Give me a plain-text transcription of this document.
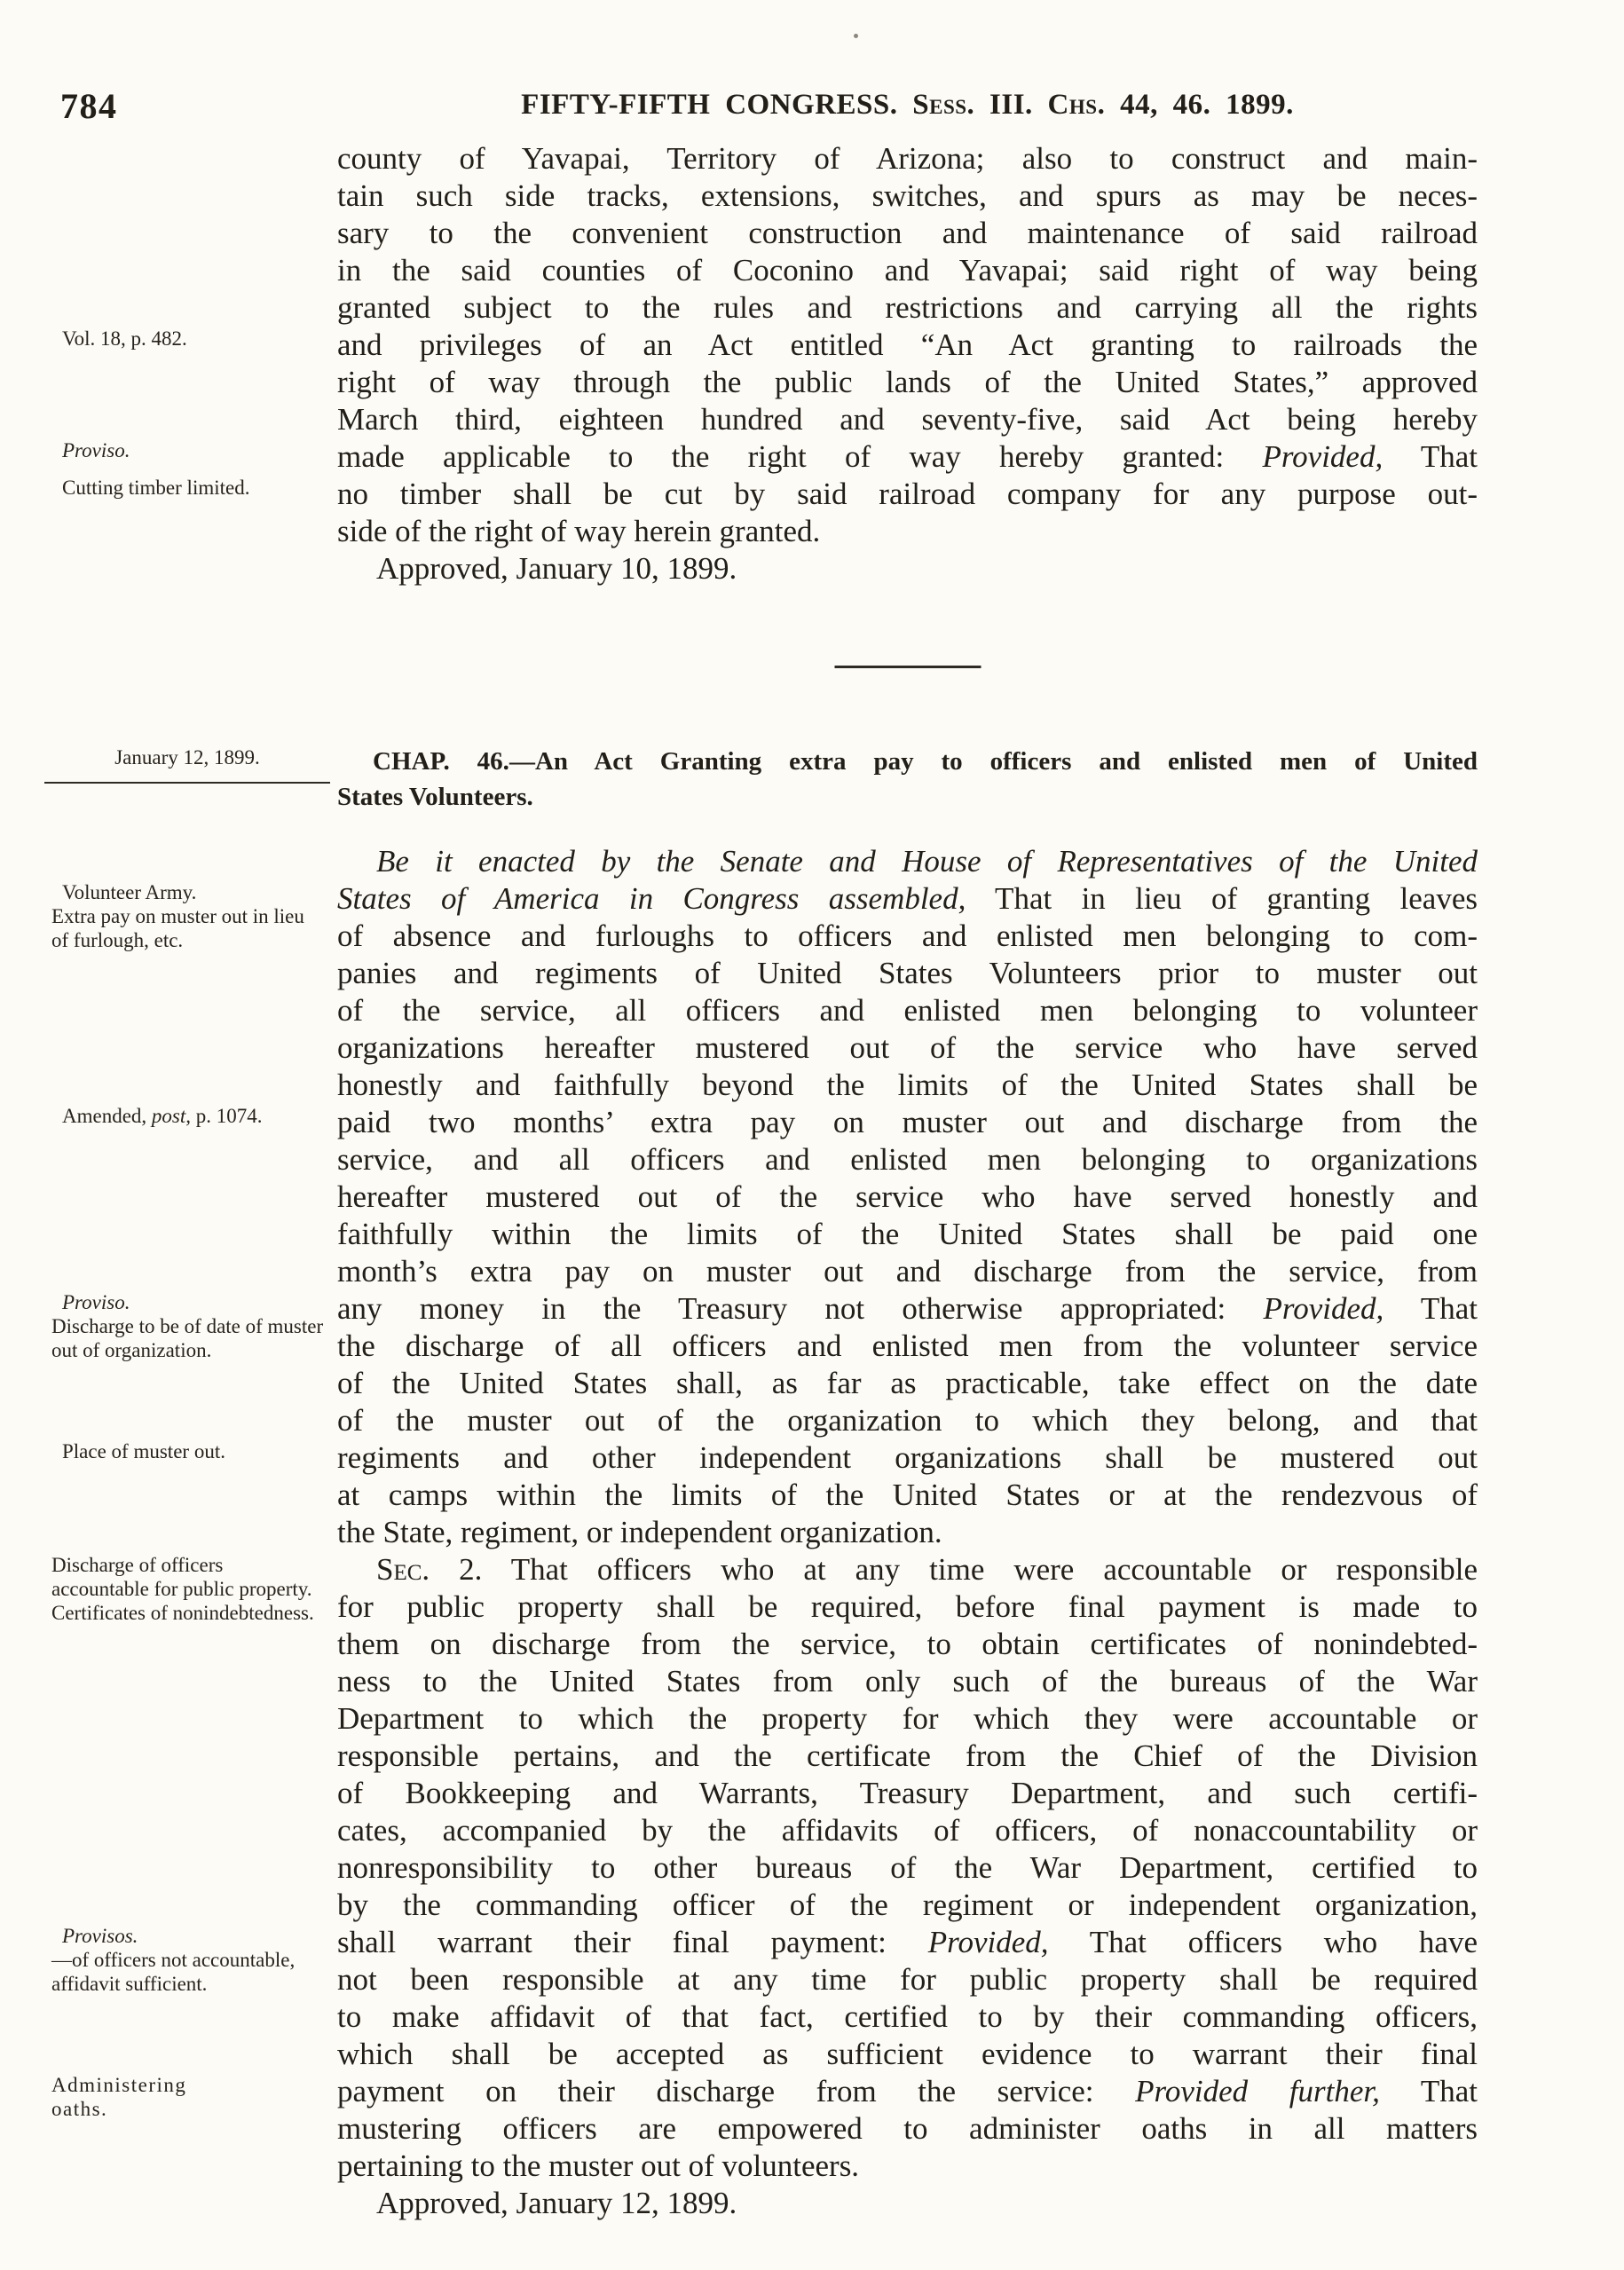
784	FIFTY-FIFTH CONGRESS. Sess. III. Chs. 44, 46. 1899.
Vol. 18, p. 482.
Proviso.
Cutting timber limited.
January 12, 1899.
Volunteer Army.
Extra pay on muster out in lieu of furlough, etc.
Amended, post, p. 1074.
Proviso.
Discharge to be of date of muster out of organization.
Place of muster out.
Discharge of officers accountable for public property. Certificates of nonindebtedness.
Provisos.
—of officers not accountable, affidavit sufficient.
Administering oaths.
county of Yavapai, Territory of Arizona; also to construct and main-
tain such side tracks, extensions, switches, and spurs as may be neces-
sary to the convenient construction and maintenance of said railroad
in the said counties of Coconino and Yavapai; said right of way being
granted subject to the rules and restrictions and carrying all the rights
and privileges of an Act entitled “An Act granting to railroads the
right of way through the public lands of the United States,” approved
March third, eighteen hundred and seventy-five, said Act being hereby
made applicable to the right of way hereby granted: Provided, That
no timber shall be cut by said railroad company for any purpose out-
side of the right of way herein granted.
Approved, January 10, 1899.
CHAP. 46.—An Act Granting extra pay to officers and enlisted men of United
States Volunteers.
Be it enacted by the Senate and House of Representatives of the United
States of America in Congress assembled, That in lieu of granting leaves
of absence and furloughs to officers and enlisted men belonging to com-
panies and regiments of United States Volunteers prior to muster out
of the service, all officers and enlisted men belonging to volunteer
organizations hereafter mustered out of the service who have served
honestly and faithfully beyond the limits of the United States shall be
paid two months’ extra pay on muster out and discharge from the
service, and all officers and enlisted men belonging to organizations
hereafter mustered out of the service who have served honestly and
faithfully within the limits of the United States shall be paid one
month’s extra pay on muster out and discharge from the service, from
any money in the Treasury not otherwise appropriated: Provided, That
the discharge of all officers and enlisted men from the volunteer service
of the United States shall, as far as practicable, take effect on the date
of the muster out of the organization to which they belong, and that
regiments and other independent organizations shall be mustered out
at camps within the limits of the United States or at the rendezvous of
the State, regiment, or independent organization.
Sec. 2. That officers who at any time were accountable or responsible
for public property shall be required, before final payment is made to
them on discharge from the service, to obtain certificates of nonindebted-
ness to the United States from only such of the bureaus of the War
Department to which the property for which they were accountable or
responsible pertains, and the certificate from the Chief of the Division
of Bookkeeping and Warrants, Treasury Department, and such certifi-
cates, accompanied by the affidavits of officers, of nonaccountability or
nonresponsibility to other bureaus of the War Department, certified to
by the commanding officer of the regiment or independent organization,
shall warrant their final payment: Provided, That officers who have
not been responsible at any time for public property shall be required
to make affidavit of that fact, certified to by their commanding officers,
which shall be accepted as sufficient evidence to warrant their final
payment on their discharge from the service: Provided further, That
mustering officers are empowered to administer oaths in all matters
pertaining to the muster out of volunteers.
Approved, January 12, 1899.
